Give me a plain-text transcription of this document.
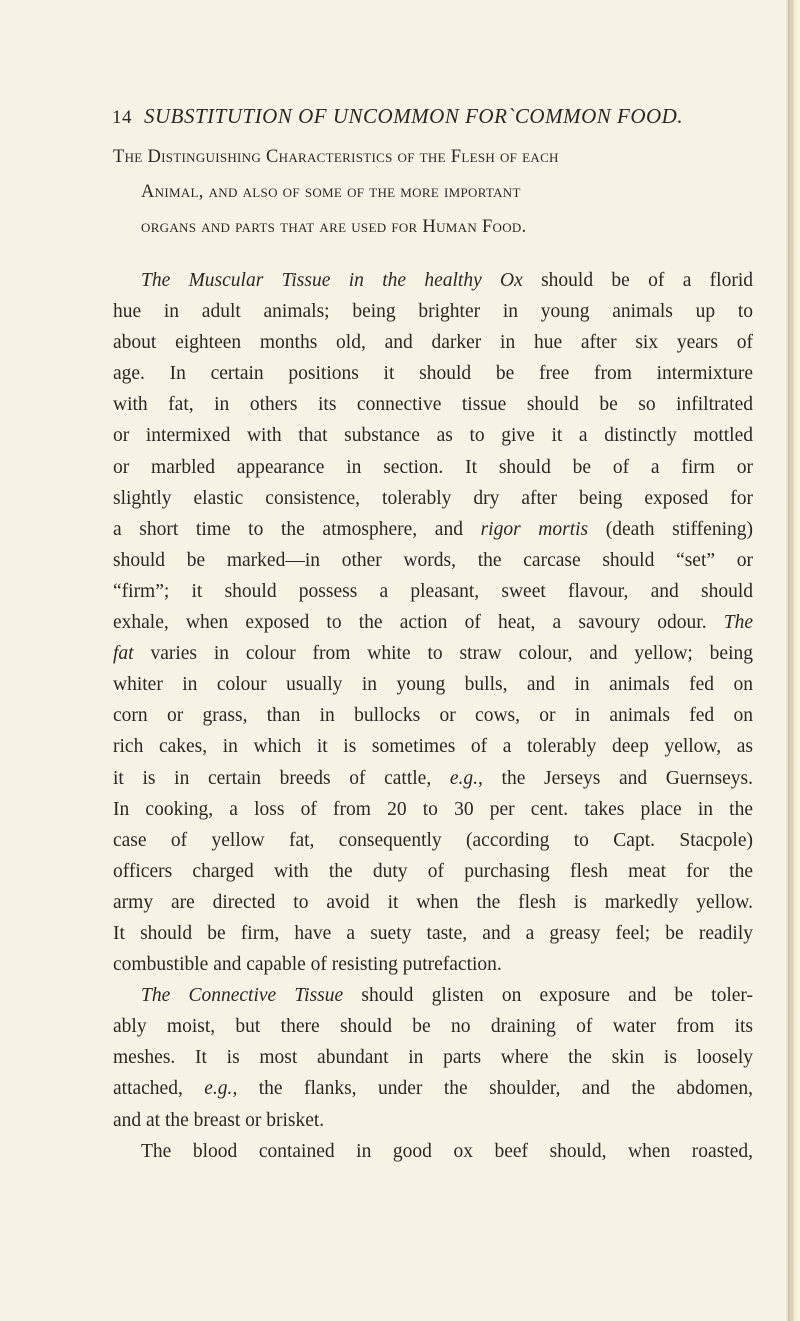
14 SUBSTITUTION OF UNCOMMON FOR`COMMON FOOD.
The Distinguishing Characteristics of the Flesh of each
Animal, and also of some of the more important
organs and parts that are used for Human Food.
The Muscular Tissue in the healthy Ox should be of a florid
hue in adult animals; being brighter in young animals up to
about eighteen months old, and darker in hue after six years of
age. In certain positions it should be free from intermixture
with fat, in others its connective tissue should be so infiltrated
or intermixed with that substance as to give it a distinctly mottled
or marbled appearance in section. It should be of a firm or
slightly elastic consistence, tolerably dry after being exposed for
a short time to the atmosphere, and rigor mortis (death stiffening)
should be marked—in other words, the carcase should “set” or
“firm”; it should possess a pleasant, sweet flavour, and should
exhale, when exposed to the action of heat, a savoury odour. The
fat varies in colour from white to straw colour, and yellow; being
whiter in colour usually in young bulls, and in animals fed on
corn or grass, than in bullocks or cows, or in animals fed on
rich cakes, in which it is sometimes of a tolerably deep yellow, as
it is in certain breeds of cattle, e.g., the Jerseys and Guernseys.
In cooking, a loss of from 20 to 30 per cent. takes place in the
case of yellow fat, consequently (according to Capt. Stacpole)
officers charged with the duty of purchasing flesh meat for the
army are directed to avoid it when the flesh is markedly yellow.
It should be firm, have a suety taste, and a greasy feel; be readily
combustible and capable of resisting putrefaction.
The Connective Tissue should glisten on exposure and be toler-
ably moist, but there should be no draining of water from its
meshes. It is most abundant in parts where the skin is loosely
attached, e.g., the flanks, under the shoulder, and the abdomen,
and at the breast or brisket.
The blood contained in good ox beef should, when roasted,
